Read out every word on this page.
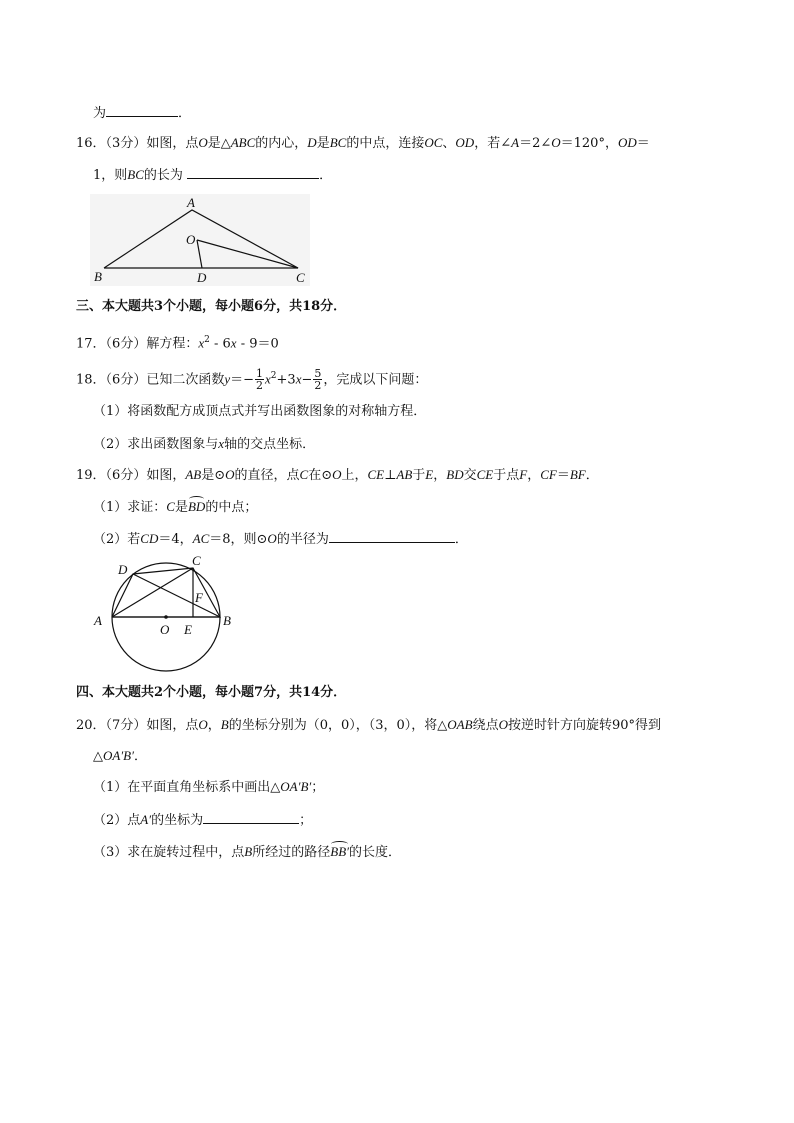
为	．
16．（3分）如图，点O是△ABC的内心，D是BC的中点，连接OC、OD，若∠A＝2∠O＝120°，OD＝
1，则BC的长为	．
A
O
B	D	C
三、本大题共3个小题，每小题6分，共18分．
17．（6分）解方程：$x^2 - 6x - 9=0$
18．（6分）已知二次函数$y=- \frac{1}{2} x^2+3x- \frac{5}{2}$ ，完成以下问题：
（1）将函数配方成顶点式并写出函数图象的对称轴方程．
（2）求出函数图象与x轴的交点坐标．
19．（6分）如图，AB是⊙O的直径，点C在⊙O上，CE⊥AB于E，BD交CE于点F，CF＝BF．
（1）求证：C是BD的中点；
（2）若CD＝4，AC＝8，则⊙O的半径为	．
D
C
F
A
O E
B
四、本大题共2个小题，每小题7分，共14分．
20．（7分）如图，点O，B的坐标分别为（0，0），（3，0），将△OAB绕点O按逆时针方向旋转90°得到
△OA′B′．
（1）在平面直角坐标系中画出△OA′B′；
（2）点A′的坐标为	；
（3）求在旋转过程中，点B所经过的路径BB′的长度．
